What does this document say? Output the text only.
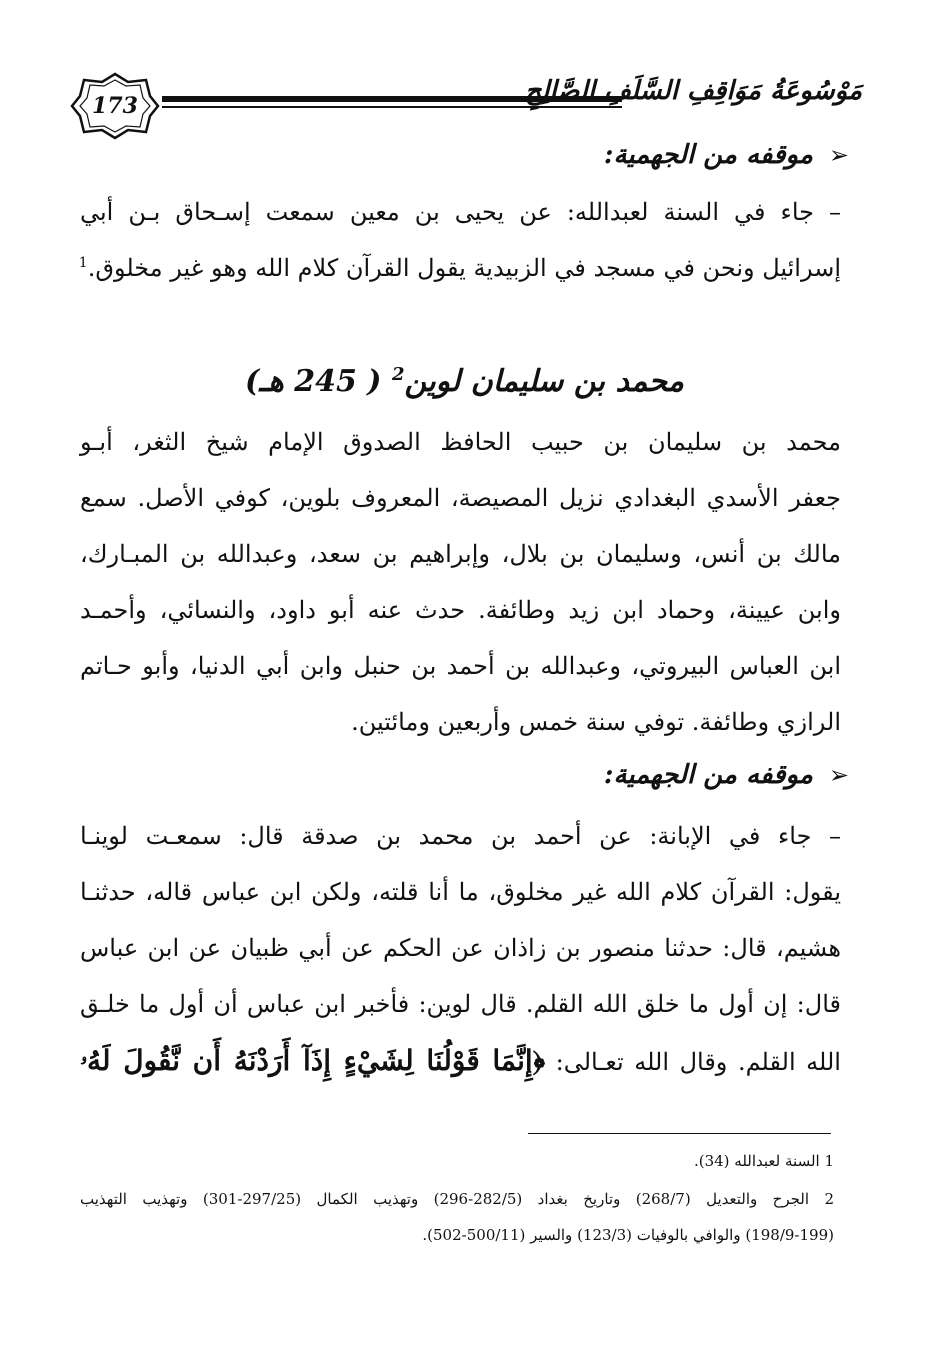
173	مَوْسُوعَةُ مَوَاقِفِ السَّلَفِ الصَّالِحِ
➢موقفه من الجهمية:
– جاء في السنة لعبدالله: عن يحيى بن معين سمعت إسـحاق بـن أبي
إسرائيل ونحن في مسجد في الزبيدية يقول القرآن كلام الله وهو غير مخلوق.$^1$
محمد بن سليمان لوين$^2$ ( 245 هـ)
محمد بن سليمان بن حبيب الحافظ الصدوق الإمام شيخ الثغر، أبـو
جعفر الأسدي البغدادي نزيل المصيصة، المعروف بلوين، كوفي الأصل. سمع
مالك بن أنس، وسليمان بن بلال، وإبراهيم بن سعد، وعبدالله بن المبـارك،
وابن عيينة، وحماد ابن زيد وطائفة. حدث عنه أبو داود، والنسائي، وأحمـد
ابن العباس البيروتي، وعبدالله بن أحمد بن حنبل وابن أبي الدنيا، وأبو حـاتم
الرازي وطائفة. توفي سنة خمس وأربعين ومائتين.
➢موقفه من الجهمية:
– جاء في الإبانة: عن أحمد بن محمد بن صدقة قال: سمعـت لوينـا
يقول: القرآن كلام الله غير مخلوق، ما أنا قلته، ولكن ابن عباس قاله، حدثنـا
هشيم، قال: حدثنا منصور بن زاذان عن الحكم عن أبي ظبيان عن ابن عباس
قال: إن أول ما خلق الله القلم. قال لوين: فأخبر ابن عباس أن أول ما خلـق
الله القلم. وقال الله تعـالى: ﴿إِنَّمَا قَوْلُنَا لِشَيْءٍ إِذَآ أَرَدْنَهُ أَن نَّقُولَ لَهُۥ
1 السنة لعبدالله (34).
2 الجرح والتعديل (268/7) وتاريخ بغداد (282/5-296) وتهذيب الكمال (297/25-301) وتهذيب التهذيب
(198/9-199) والوافي بالوفيات (123/3) والسير (500/11-502).
